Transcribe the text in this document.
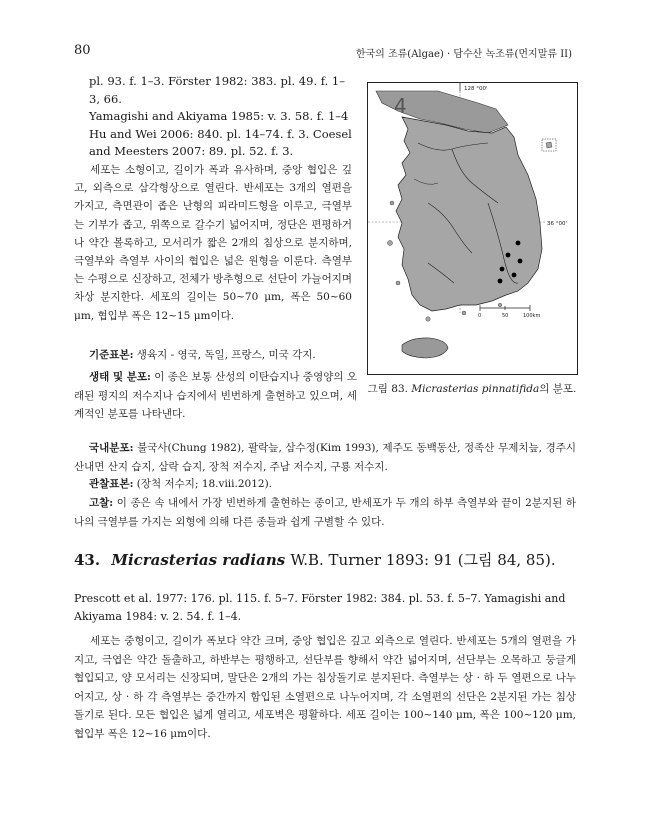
80	한국의 조류(Algae) · 담수산 녹조류(먼지말류 II)
pl. 93. f. 1–3. Förster 1982: 383. pl. 49. f. 1–3, 66.
Yamagishi and Akiyama 1985: v. 3. 58. f. 1–4 Hu and Wei 2006: 840. pl. 14–74. f. 3. Coesel and Meesters 2007: 89. pl. 52. f. 3.
세포는 소형이고, 길이가 폭과 유사하며, 중앙 협입은 깊고, 외측으로 삼각형상으로 열린다. 반세포는 3개의 열편을 가지고, 측면관이 좁은 난형의 피라미드형을 이루고, 극열부는 기부가 좁고, 위쪽으로 갈수기 넓어지며, 정단은 편평하거나 약간 볼록하고, 모서리가 짧은 2개의 침상으로 분지하며, 극열부와 측열부 사이의 협입은 넓은 원형을 이룬다. 측열부는 수평으로 신장하고, 전체가 방추형으로 선단이 가늘어지며 차상 분지한다. 세포의 길이는 50~70 μm, 폭은 50~60 μm, 협입부 폭은 12~15 μm이다.
기준표본: 생육지 - 영국, 독일, 프랑스, 미국 각지.
생태 및 분포: 이 종은 보통 산성의 이탄습지나 중영양의 오래된 평지의 저수지나 습지에서 빈번하게 출현하고 있으며, 세계적인 분포를 나타낸다.
국내분포: 불국사(Chung 1982), 팔락늪, 삼수정(Kim 1993), 제주도 동백동산, 정족산 무제치늪, 경주시 산내면 산지 습지, 삼락 습지, 장척 저수지, 주남 저수지, 구룡 저수지.
관찰표본: (장척 저수지; 18.viii.2012).
고찰: 이 종은 속 내에서 가장 빈번하게 출현하는 종이고, 반세포가 두 개의 하부 측열부와 끝이 2분지된 하나의 극열부를 가지는 외형에 의해 다른 종들과 쉽게 구별할 수 있다.
128 °00'
36 °00'
4
0	50	100km
그림 83. Micrasterias pinnatifida의 분포.
43. Micrasterias radians W.B. Turner 1893: 91 (그림 84, 85).
Prescott et al. 1977: 176. pl. 115. f. 5–7. Förster 1982: 384. pl. 53. f. 5–7. Yamagishi and Akiyama 1984: v. 2. 54. f. 1–4.
세포는 중형이고, 길이가 폭보다 약간 크며, 중앙 협입은 깊고 외측으로 열린다. 반세포는 5개의 열편을 가지고, 극엽은 약간 돌출하고, 하반부는 평행하고, 선단부를 향해서 약간 넓어지며, 선단부는 오목하고 둥글게 협입되고, 양 모서리는 신장되며, 말단은 2개의 가는 침상돌기로 분지된다. 측열부는 상 · 하 두 열편으로 나누어지고, 상 · 하 각 측열부는 중간까지 함입된 소열편으로 나누어지며, 각 소열편의 선단은 2분지된 가는 침상돌기로 된다. 모든 협입은 넓게 열리고, 세포벽은 평활하다. 세포 길이는 100~140 μm, 폭은 100~120 μm, 협입부 폭은 12~16 μm이다.
